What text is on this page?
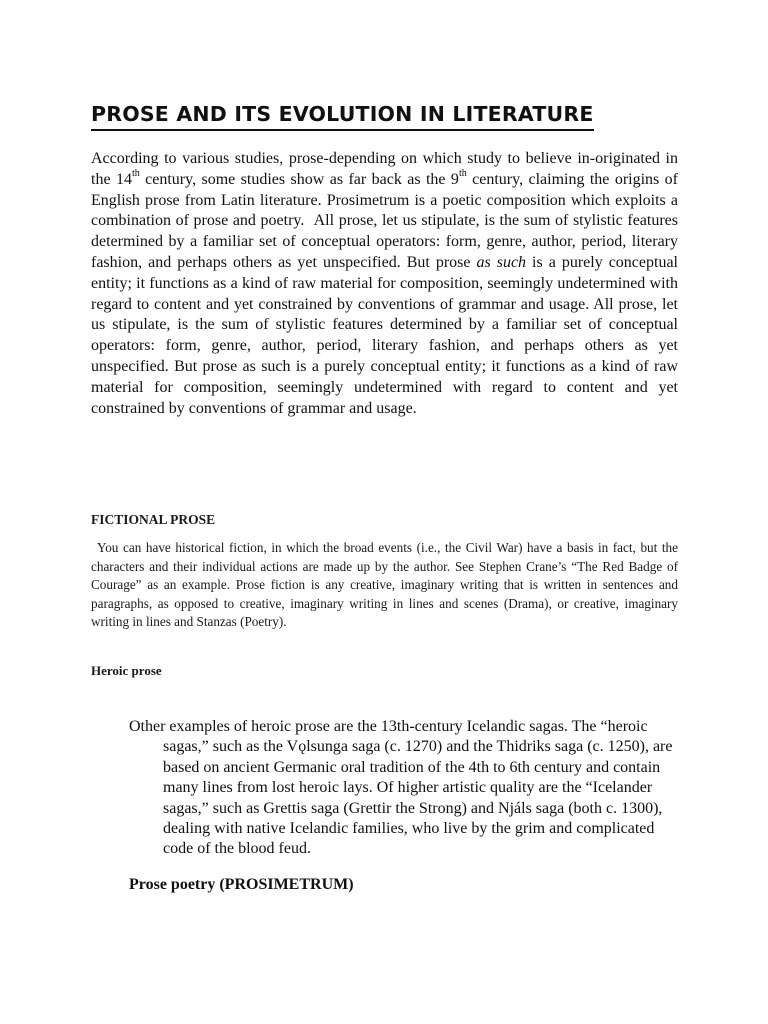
PROSE AND ITS EVOLUTION IN LITERATURE

According to various studies, prose-depending on which study to believe in-originated in the 14th century, some studies show as far back as the 9th century, claiming the origins of English prose from Latin literature. Prosimetrum is a poetic composition which exploits a combination of prose and poetry.  All prose, let us stipulate, is the sum of stylistic features determined by a familiar set of conceptual operators: form, genre, author, period, literary fashion, and perhaps others as yet unspecified. But prose as such is a purely conceptual entity; it functions as a kind of raw material for composition, seemingly undetermined with regard to content and yet constrained by conventions of grammar and usage. All prose, let us stipulate, is the sum of stylistic features determined by a familiar set of conceptual operators: form, genre, author, period, literary fashion, and perhaps others as yet unspecified. But prose as such is a purely conceptual entity; it functions as a kind of raw material for composition, seemingly undetermined with regard to content and yet constrained by conventions of grammar and usage.

FICTIONAL PROSE

You can have historical fiction, in which the broad events (i.e., the Civil War) have a basis in fact, but the characters and their individual actions are made up by the author. See Stephen Crane’s “The Red Badge of Courage” as an example. Prose fiction is any creative, imaginary writing that is written in sentences and paragraphs, as opposed to creative, imaginary writing in lines and scenes (Drama), or creative, imaginary writing in lines and Stanzas (Poetry).

Heroic prose

Other examples of heroic prose are the 13th-century Icelandic sagas. The “heroic sagas,” such as the Vǫlsunga saga (c. 1270) and the Thidriks saga (c. 1250), are based on ancient Germanic oral tradition of the 4th to 6th century and contain many lines from lost heroic lays. Of higher artistic quality are the “Icelander sagas,” such as Grettis saga (Grettir the Strong) and Njáls saga (both c. 1300), dealing with native Icelandic families, who live by the grim and complicated code of the blood feud.

Prose poetry (PROSIMETRUM)
